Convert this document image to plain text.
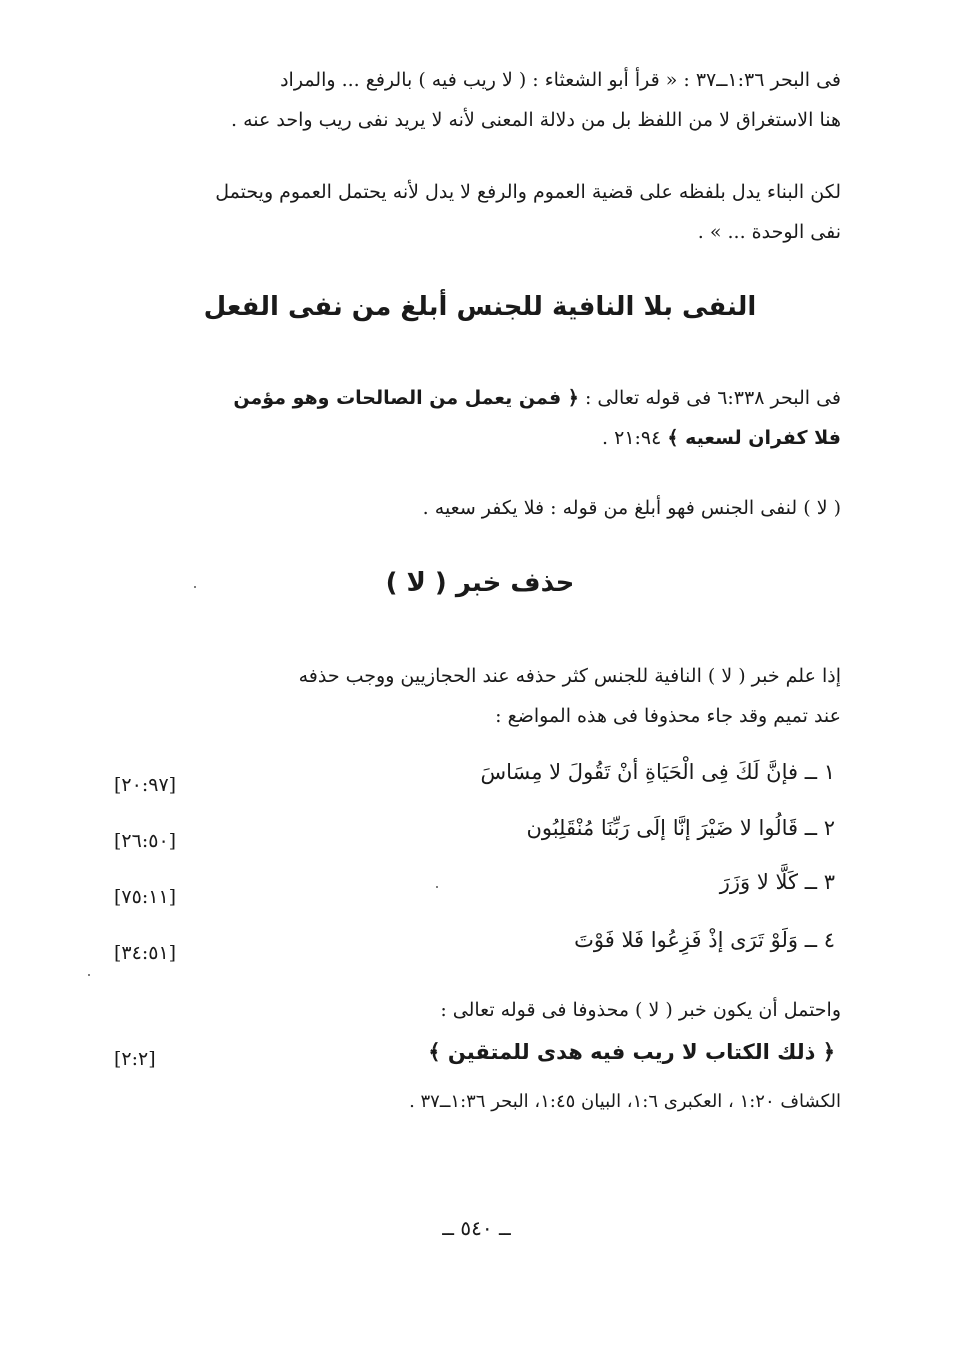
فى البحر ١:٣٦ــ٣٧ : « قرأ أبو الشعثاء : ( لا ريب فيه ) بالرفع ... والمراد
هنا الاستغراق لا من اللفظ بل من دلالة المعنى لأنه لا يريد نفى ريب واحد عنه .
لكن البناء يدل بلفظه على قضية العموم والرفع لا يدل لأنه يحتمل العموم ويحتمل
نفى الوحدة ... » .
النفى بلا النافية للجنس أبلغ من نفى الفعل
فى البحر ٦:٣٣٨ فى قوله تعالى : ﴿ فمن يعمل من الصالحات وهو مؤمن
فلا كفران لسعيه ﴾ ٢١:٩٤ .
( لا ) لنفى الجنس فهو أبلغ من قوله : فلا يكفر سعيه .
حذف خبر ( لا )
إذا علم خبر ( لا ) النافية للجنس كثر حذفه عند الحجازيين ووجب حذفه
عند تميم وقد جاء محذوفا فى هذه المواضع :
١ ــ فإنَّ لَكَ فِى الْحَيَاةِ أنْ تَقُولَ لا مِسَاسَ
[٢٠:٩٧]
٢ ــ قَالُوا لا ضَيْرَ إنَّا إلَى رَبِّنَا مُنْقَلِبُون
[٢٦:٥٠]
٣ ــ كَلَّا لا وَزَرَ
[٧٥:١١]
٤ ــ وَلَوْ تَرَى إذْ فَزِعُوا فَلا فَوْتَ
[٣٤:٥١]
واحتمل أن يكون خبر ( لا ) محذوفا فى قوله تعالى :
﴿ ذلك الكتاب لا ريب فيه هدى للمتقين ﴾
[٢:٢]
الكشاف ١:٢٠ ، العكبرى ١:٦، البيان ١:٤٥، البحر ١:٣٦ــ٣٧ .
ــ ٥٤٠ ــ
